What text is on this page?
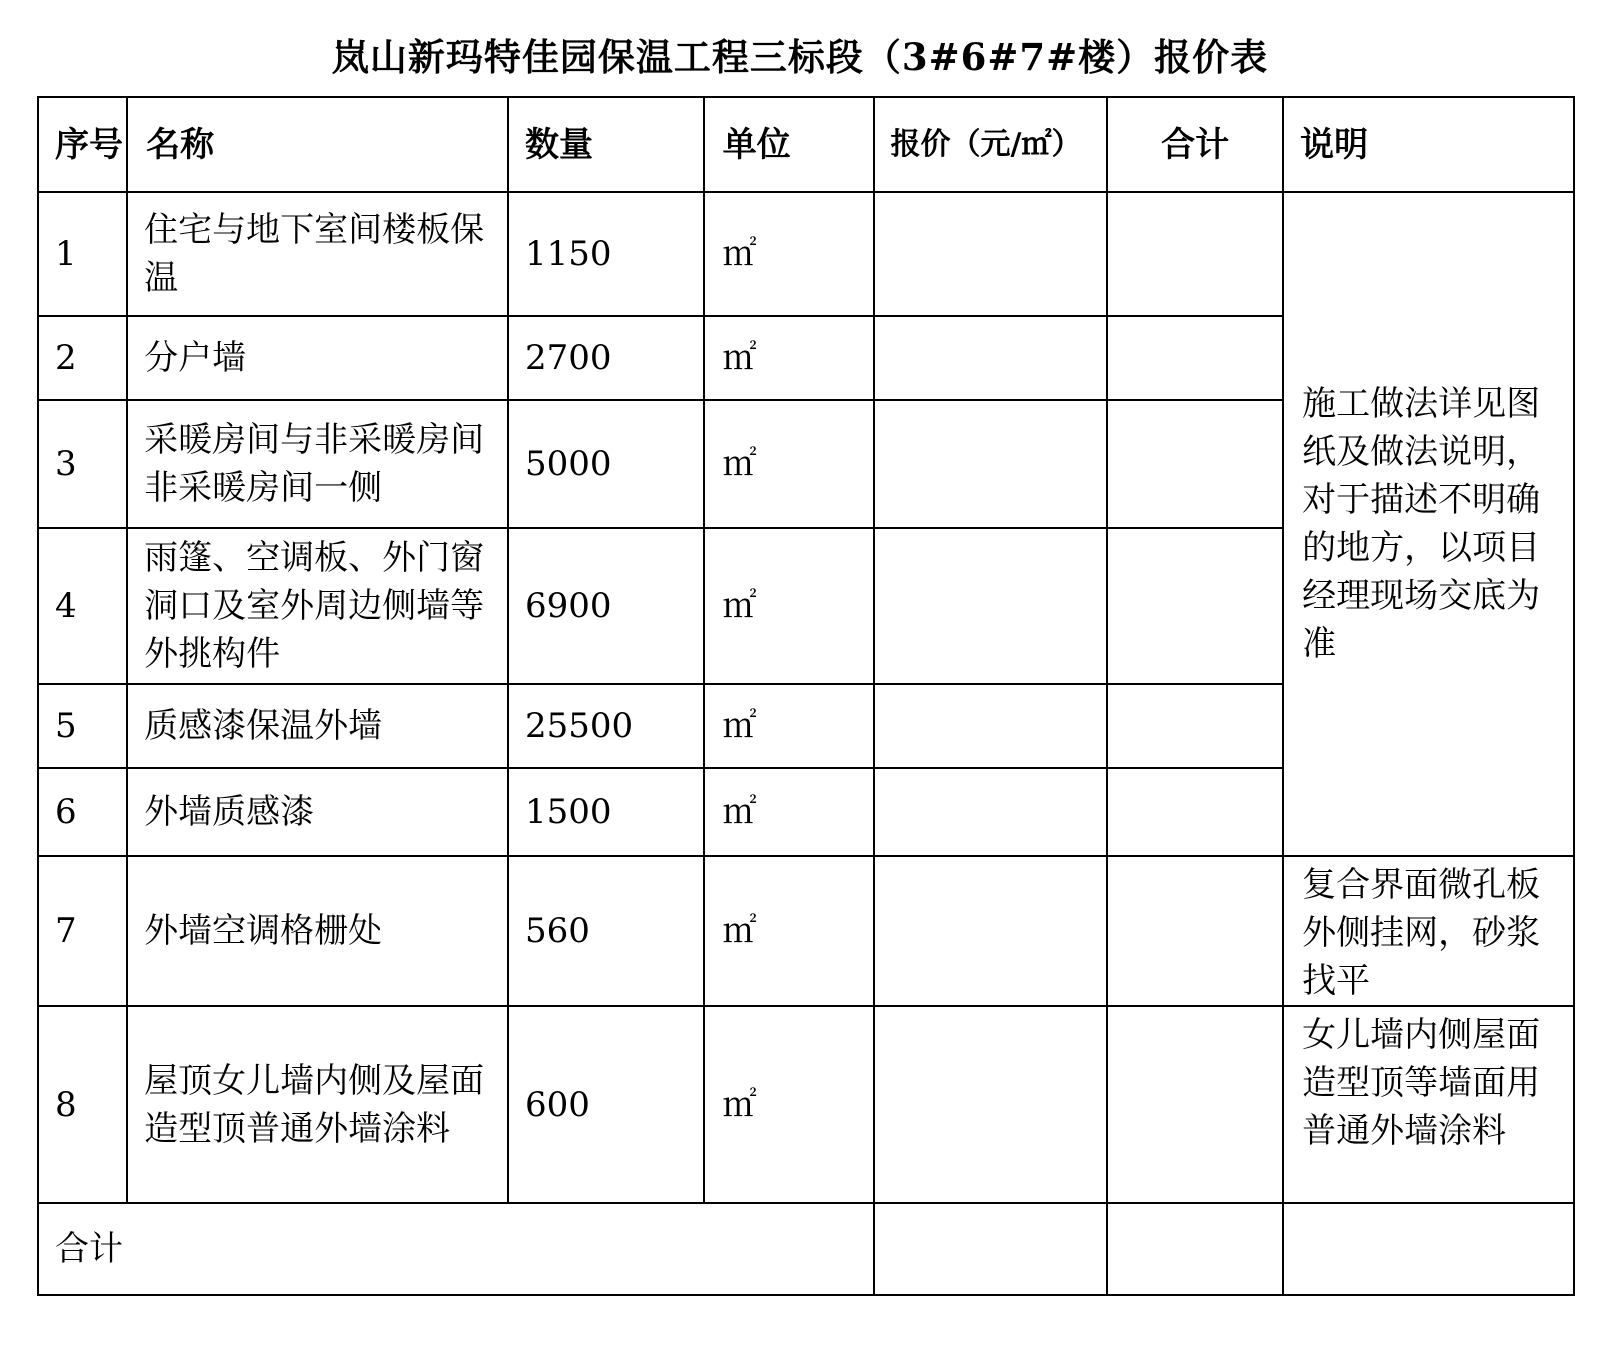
岚山新玛特佳园保温工程三标段（3#6#7#楼）报价表
序号	名称	数量	单位	报价（元/㎡）	合计	说明
1	住宅与地下室间楼板保温	1150	㎡			施工做法详见图纸及做法说明，对于描述不明确的地方，以项目经理现场交底为准
2	分户墙	2700	㎡			
3	采暖房间与非采暖房间非采暖房间一侧	5000	㎡			
4	雨篷、空调板、外门窗洞口及室外周边侧墙等外挑构件	6900	㎡			
5	质感漆保温外墙	25500	㎡			
6	外墙质感漆	1500	㎡			
7	外墙空调格栅处	560	㎡			复合界面微孔板外侧挂网，砂浆找平
8	屋顶女儿墙内侧及屋面造型顶普通外墙涂料	600	㎡			女儿墙内侧屋面造型顶等墙面用普通外墙涂料
合计						
